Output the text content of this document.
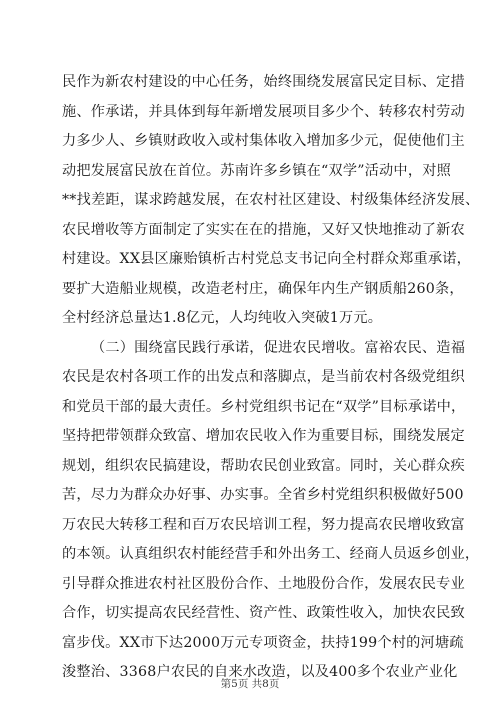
民作为新农村建设的中心任务，始终围绕发展富民定目标、定措
施、作承诺，并具体到每年新增发展项目多少个、转移农村劳动
力多少人、乡镇财政收入或村集体收入增加多少元，促使他们主
动把发展富民放在首位。苏南许多乡镇在“双学”活动中，对照
**找差距，谋求跨越发展，在农村社区建设、村级集体经济发展、
农民增收等方面制定了实实在在的措施，又好又快地推动了新农
村建设。XX县区廉贻镇析古村党总支书记向全村群众郑重承诺，
要扩大造船业规模，改造老村庄，确保年内生产钢质船260条，
全村经济总量达1.8亿元，人均纯收入突破1万元。
（二）围绕富民践行承诺，促进农民增收。富裕农民、造福
农民是农村各项工作的出发点和落脚点，是当前农村各级党组织
和党员干部的最大责任。乡村党组织书记在“双学”目标承诺中，
坚持把带领群众致富、增加农民收入作为重要目标，围绕发展定
规划，组织农民搞建设，帮助农民创业致富。同时，关心群众疾
苦，尽力为群众办好事、办实事。全省乡村党组织积极做好500
万农民大转移工程和百万农民培训工程，努力提高农民增收致富
的本领。认真组织农村能经营手和外出务工、经商人员返乡创业，
引导群众推进农村社区股份合作、土地股份合作，发展农民专业
合作，切实提高农民经营性、资产性、政策性收入，加快农民致
富步伐。XX市下达2000万元专项资金，扶持199个村的河塘疏
浚整治、3368户农民的自来水改造，以及400多个农业产业化
第5页 共8页
